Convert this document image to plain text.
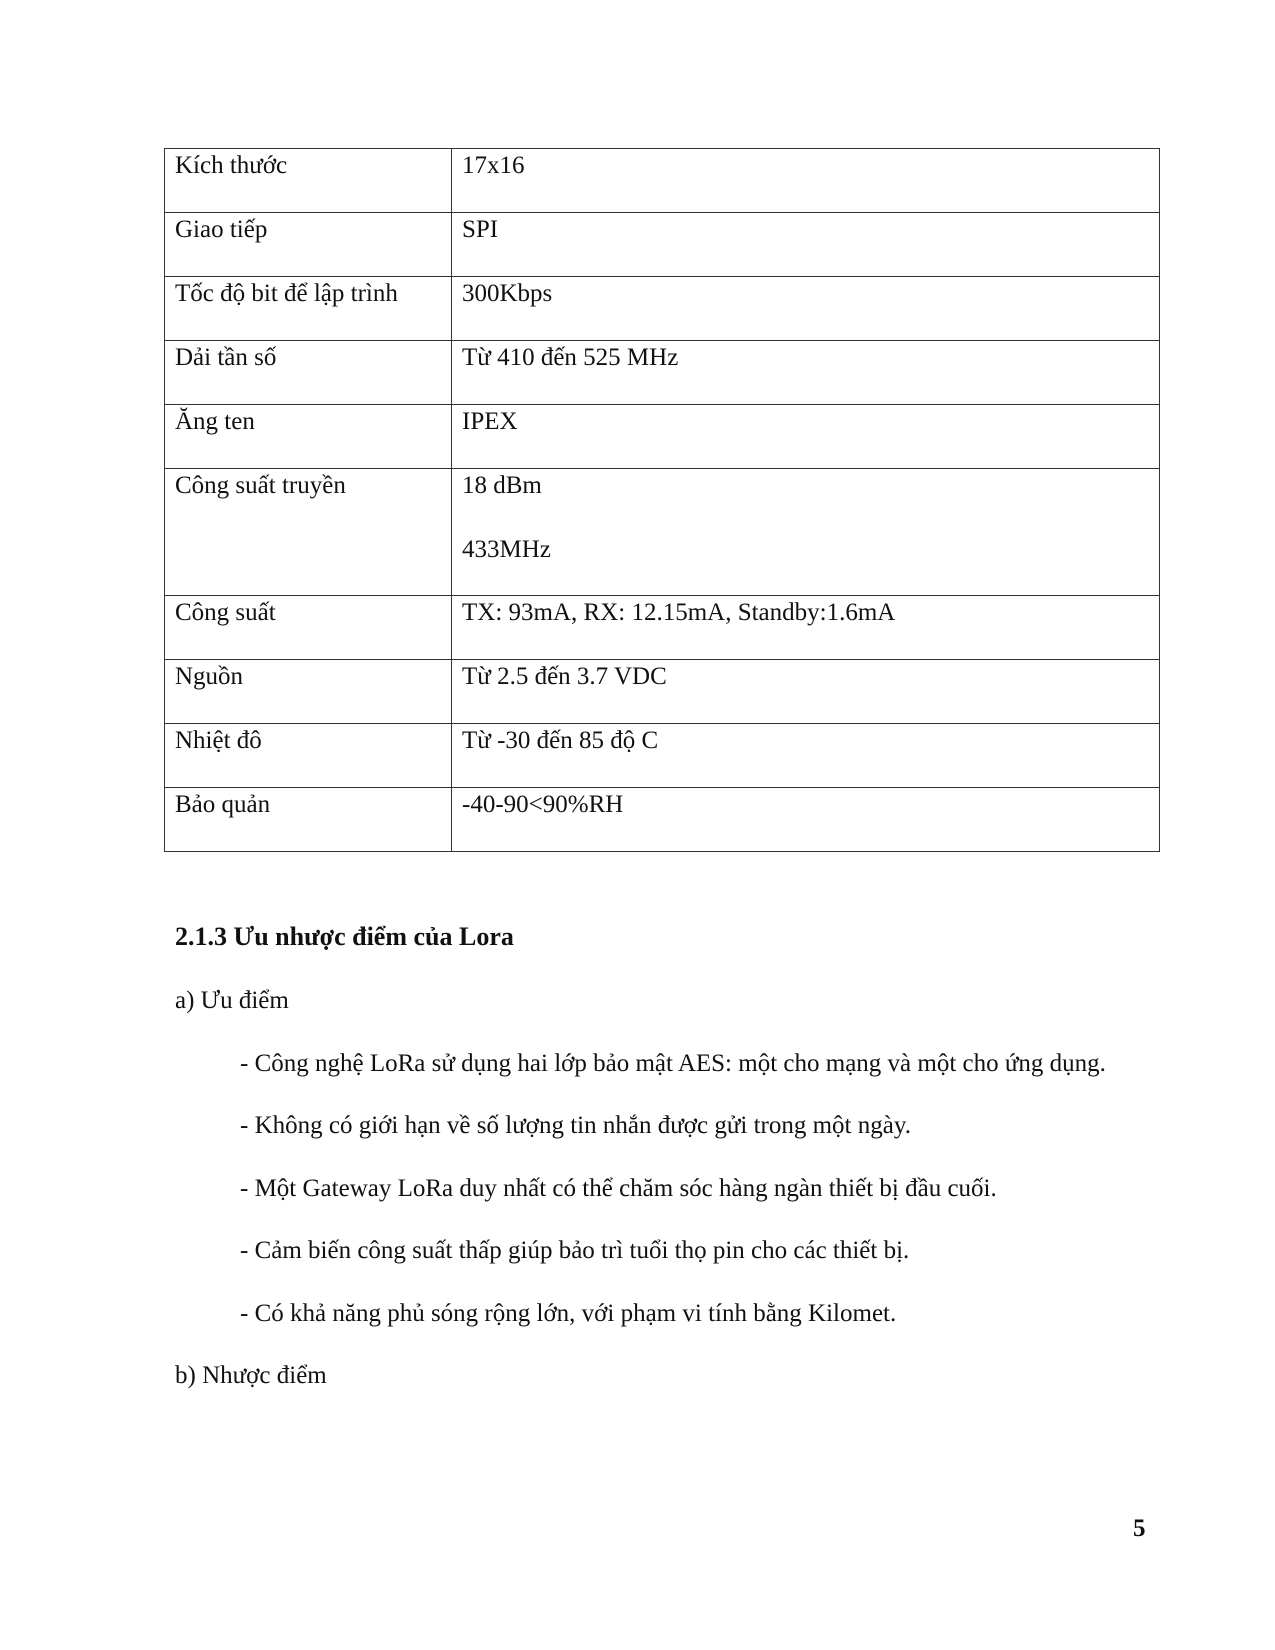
Kích thước	17x16
Giao tiếp	SPI
Tốc độ bit để lập trình	300Kbps
Dải tần số	Từ 410 đến 525 MHz
Ăng ten	IPEX
Công suất truyền	18 dBm
433MHz

Công suất	TX: 93mA, RX: 12.15mA, Standby:1.6mA
Nguồn	Từ 2.5 đến 3.7 VDC
Nhiệt đô	Từ -30 đến 85 độ C
Bảo quản	-40-90<90%RH
2.1.3 Ưu nhược điểm của Lora

a) Ưu điểm

- Công nghệ LoRa sử dụng hai lớp bảo mật AES: một cho mạng và một cho ứng dụng.

- Không có giới hạn về số lượng tin nhắn được gửi trong một ngày.

- Một Gateway LoRa duy nhất có thể chăm sóc hàng ngàn thiết bị đầu cuối.

- Cảm biến công suất thấp giúp bảo trì tuổi thọ pin cho các thiết bị.

- Có khả năng phủ sóng rộng lớn, với phạm vi tính bằng Kilomet.

b) Nhược điểm

5
